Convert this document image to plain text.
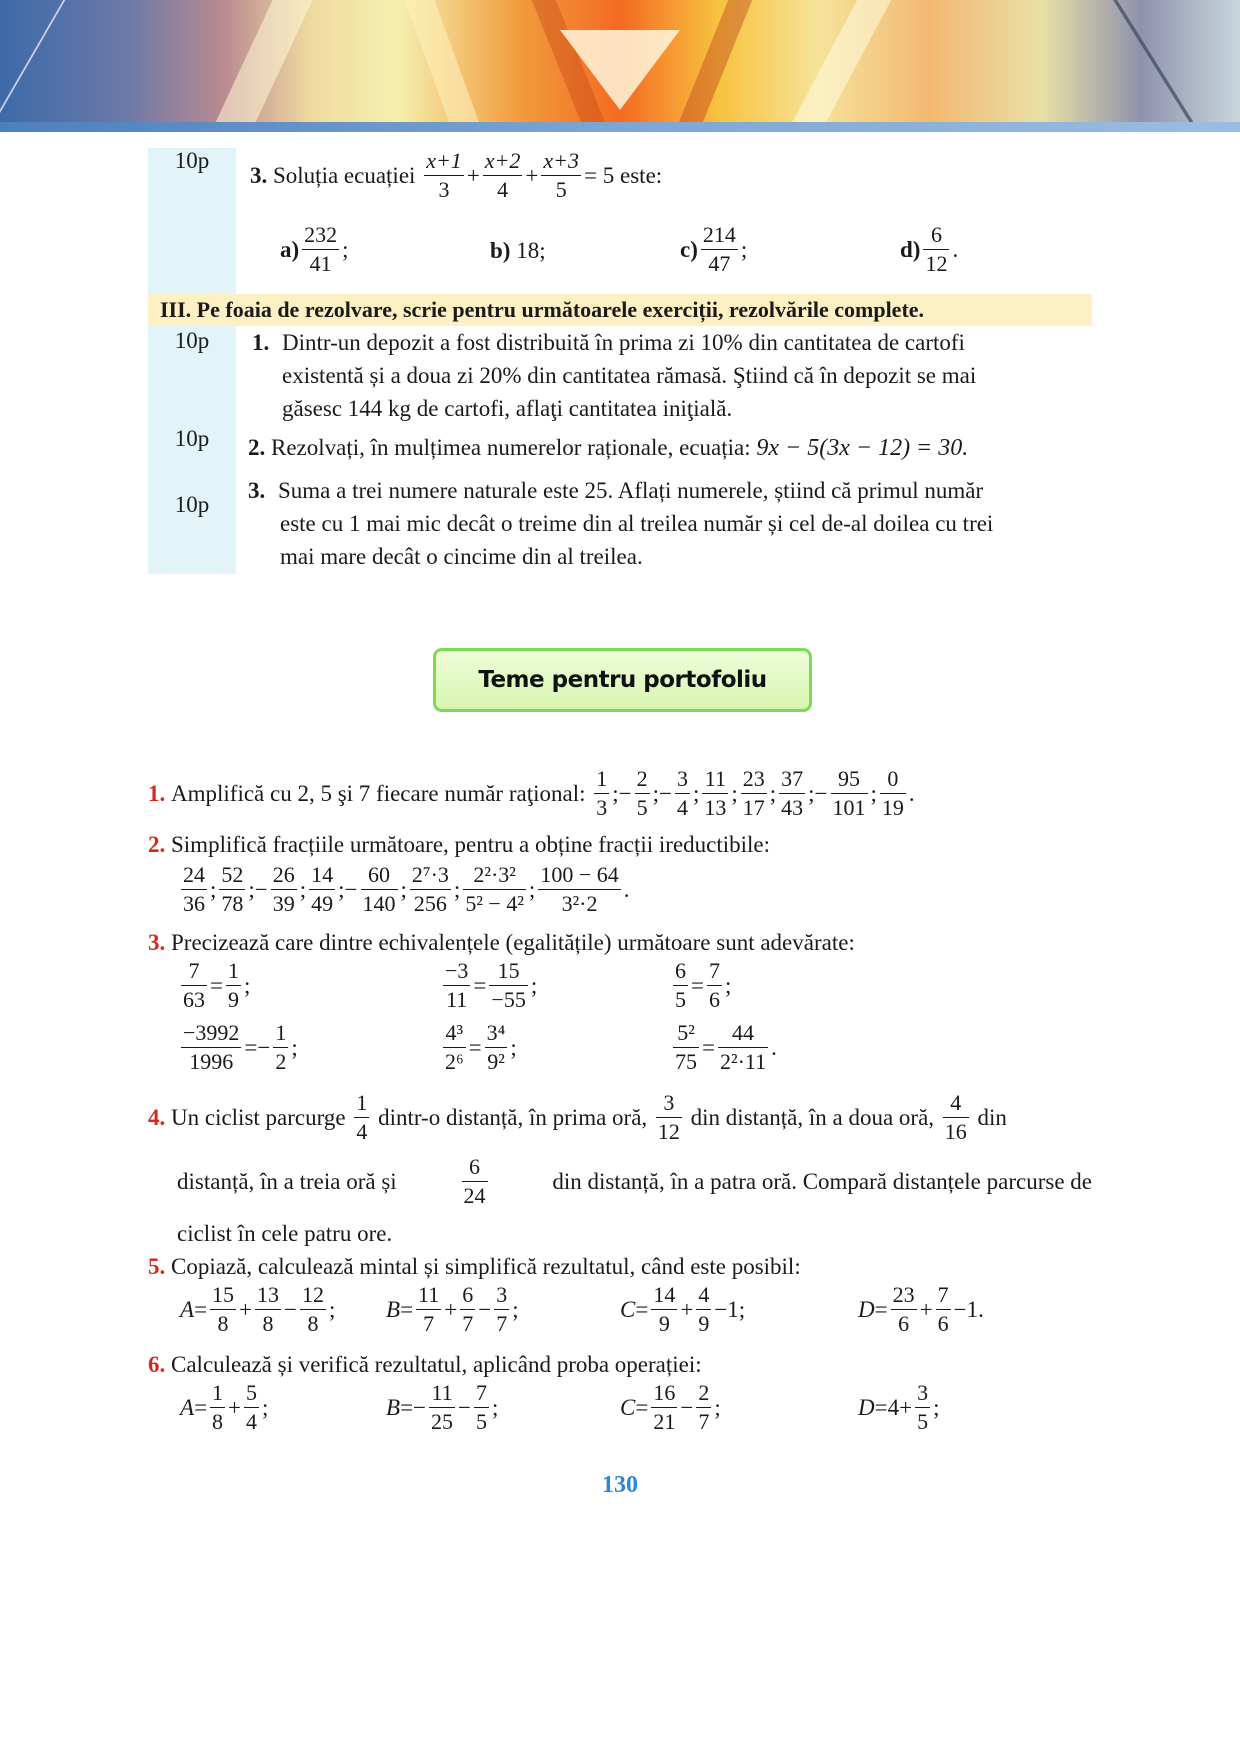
10p
3.
Soluția ecuației
$\frac{x+1}{3} + \frac{x+2}{4} + \frac{x+3}{5} = 5$
este:
$a) \frac{232}{41}$ ;	b)
18;	$c) \frac{214}{47}$ ;	$d) \frac{6}{12}$ .
III. Pe foaia de rezolvare, scrie pentru următoarele exerciții, rezolvările complete.
10p	1. Dintr-un depozit a fost distribuită în prima zi 10% din cantitatea de cartofi
existentă și a doua zi 20% din cantitatea rămasă. Ştiind că în depozit se mai
găsesc 144 kg de cartofi, aflaţi cantitatea iniţială.
10p	2. Rezolvați, în mulțimea numerelor raționale, ecuația: 9x − 5(3x − 12) = 30.
10p
3. Suma a trei numere naturale este 25. Aflați numerele, știind că primul număr
este cu 1 mai mic decât o treime din al treilea număr și cel de-al doilea cu trei
mai mare decât o cincime din al treilea.
Teme pentru portofoliu
1.
Amplifică cu 2, 5 şi 7 fiecare număr raţional:
$\frac{1}{3}$ ; − $\frac{2}{5}$ ; − $\frac{3}{4}$ ; $\frac{11}{13}$ ; $\frac{23}{17}$ ; $\frac{37}{43}$ ; − $\frac{95}{101}$ ; $\frac{0}{19}$ .
2. Simplifică fracțiile următoare, pentru a obține fracții ireductibile:
$\frac{24}{36}$ ; $\frac{52}{78}$ ; − $\frac{26}{39}$ ; $\frac{14}{49}$ ; − $\frac{60}{140}$ ; $\frac{\text{2⁷·3}}{256}$ ; $\frac{\text{2²·3²}}{\text{5² − 4²}}$ ; $\frac{100 - 64}{\text{3²·2}}$ .
3. Precizează care dintre echivalențele (egalitățile) următoare sunt adevărate:
4.
Un ciclist parcurge
$\frac{1}{4}$
dintr-o distanță, în prima oră,
$\frac{3}{12}$
din distanță, în a doua oră,
$\frac{4}{16}$
din
distanță, în a treia oră și	$\frac{6}{24}$	din distanță, în a patra oră. Compară distanțele parcurse de
ciclist în cele patru ore.
5. Copiază, calculează mintal și simplifică rezultatul, când este posibil:
6. Calculează și verifică rezultatul, aplicând proba operației:
130
$\frac{7}{63} = \frac{1}{9}$ ;	$\frac{-3}{11} = \frac{15}{-55}$ ;	$\frac{6}{5} = \frac{7}{6}$ ;
$\frac{-3992}{1996}$ = − $\frac{1}{2}$ ;	$\frac{\text{4³}}{\text{2⁶}} = \frac{\text{3⁴}}{\text{9²}}$ ;	$\frac{\text{5²}}{75} = \frac{44}{\text{2²·11}}$ .
$A = \frac{15}{8} + \frac{13}{8} - \frac{12}{8}$ ; $B = \frac{11}{7} + \frac{6}{7} - \frac{3}{7}$ ;	$C = \frac{14}{9} + \frac{4}{9} -1$ ;	$D = \frac{23}{6} + \frac{7}{6} -1$ .
$A = \frac{1}{8} + \frac{5}{4}$ ;	B = − $\frac{11}{25} - \frac{7}{5}$ ;	$C = \frac{16}{21} - \frac{2}{7}$ ;	$D = 4 + \frac{3}{5}$ ;
